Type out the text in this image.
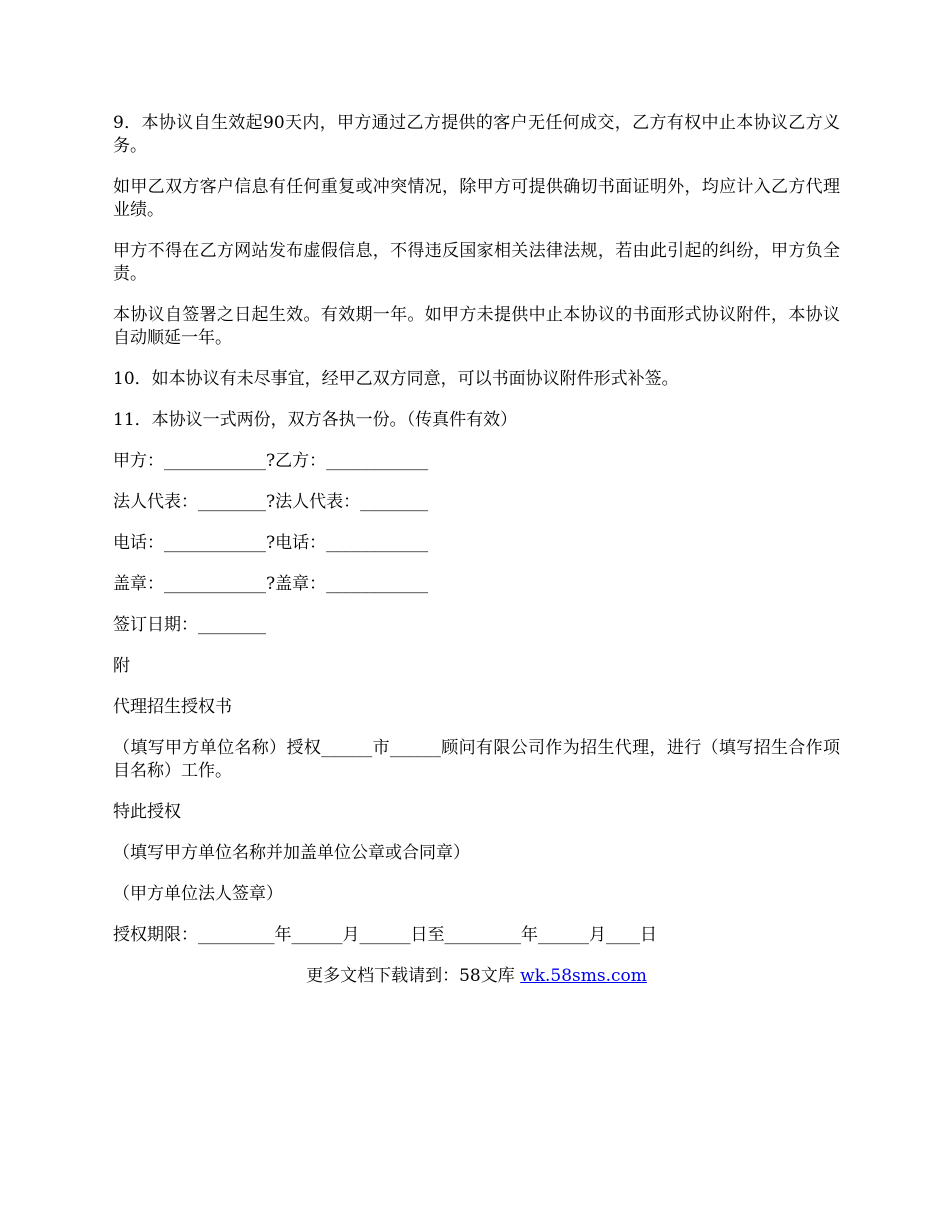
9．本协议自生效起90天内，甲方通过乙方提供的客户无任何成交，乙方有权中止本协议乙方义务。

如甲乙双方客户信息有任何重复或冲突情况，除甲方可提供确切书面证明外，均应计入乙方代理业绩。

甲方不得在乙方网站发布虚假信息，不得违反国家相关法律法规，若由此引起的纠纷，甲方负全责。

本协议自签署之日起生效。有效期一年。如甲方未提供中止本协议的书面形式协议附件，本协议自动顺延一年。

10．如本协议有未尽事宜，经甲乙双方同意，可以书面协议附件形式补签。

11．本协议一式两份，双方各执一份。（传真件有效）

甲方：____________?乙方：____________

法人代表：________?法人代表：________

电话：____________?电话：____________

盖章：____________?盖章：____________

签订日期：________

附

代理招生授权书

（填写甲方单位名称）授权______市______顾问有限公司作为招生代理，进行（填写招生合作项目名称）工作。

特此授权

（填写甲方单位名称并加盖单位公章或合同章）

（甲方单位法人签章）

授权期限：_________年______月______日至_________年______月____日

更多文档下载请到：58文库 wk.58sms.com
